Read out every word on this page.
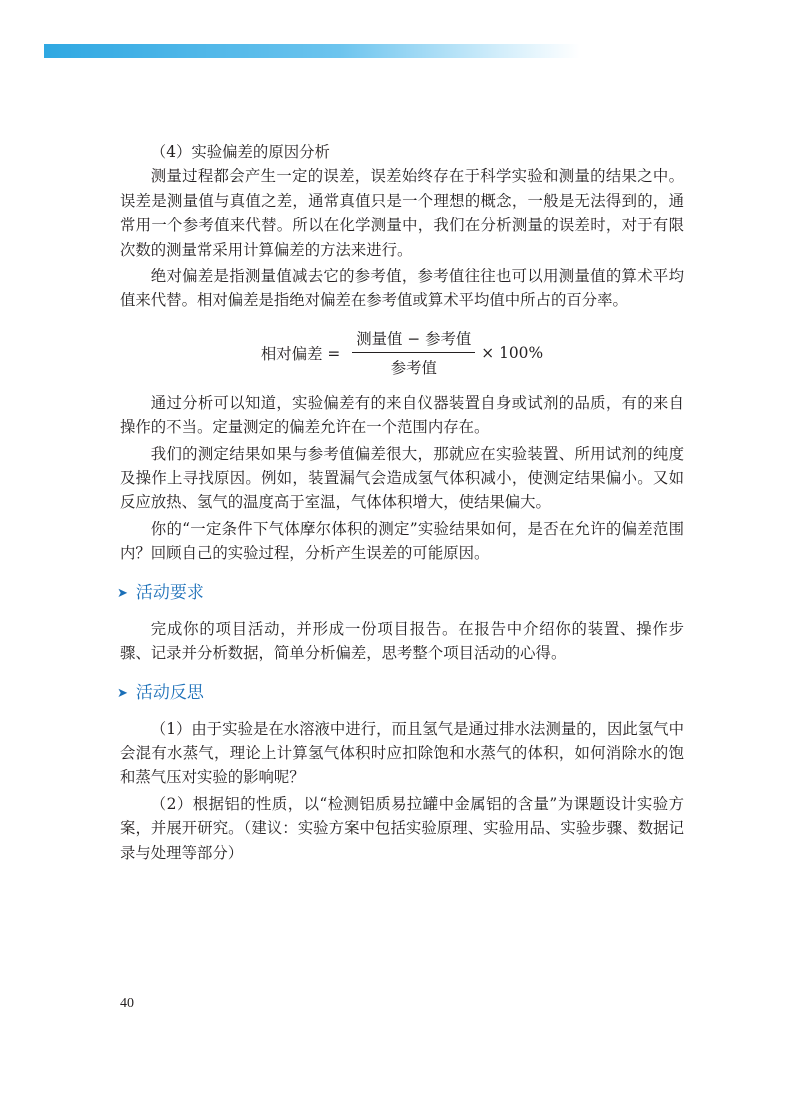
（4）实验偏差的原因分析

测量过程都会产生一定的误差，误差始终存在于科学实验和测量的结果之中。误差是测量值与真值之差，通常真值只是一个理想的概念，一般是无法得到的，通常用一个参考值来代替。所以在化学测量中，我们在分析测量的误差时，对于有限次数的测量常采用计算偏差的方法来进行。

绝对偏差是指测量值减去它的参考值，参考值往往也可以用测量值的算术平均值来代替。相对偏差是指绝对偏差在参考值或算术平均值中所占的百分率。

相对偏差 = $\frac{\text{测量值 − 参考值}}{\text{参考值}} \times 100\%$

通过分析可以知道，实验偏差有的来自仪器装置自身或试剂的品质，有的来自操作的不当。定量测定的偏差允许在一个范围内存在。

我们的测定结果如果与参考值偏差很大，那就应在实验装置、所用试剂的纯度及操作上寻找原因。例如，装置漏气会造成氢气体积减小，使测定结果偏小。又如反应放热、氢气的温度高于室温，气体体积增大，使结果偏大。

你的“一定条件下气体摩尔体积的测定”实验结果如何，是否在允许的偏差范围内？回顾自己的实验过程，分析产生误差的可能原因。

➤ 活动要求

完成你的项目活动，并形成一份项目报告。在报告中介绍你的装置、操作步骤、记录并分析数据，简单分析偏差，思考整个项目活动的心得。

➤ 活动反思

（1）由于实验是在水溶液中进行，而且氢气是通过排水法测量的，因此氢气中会混有水蒸气，理论上计算氢气体积时应扣除饱和水蒸气的体积，如何消除水的饱和蒸气压对实验的影响呢？

（2）根据铝的性质，以“检测铝质易拉罐中金属铝的含量”为课题设计实验方案，并展开研究。（建议：实验方案中包括实验原理、实验用品、实验步骤、数据记录与处理等部分）

40
